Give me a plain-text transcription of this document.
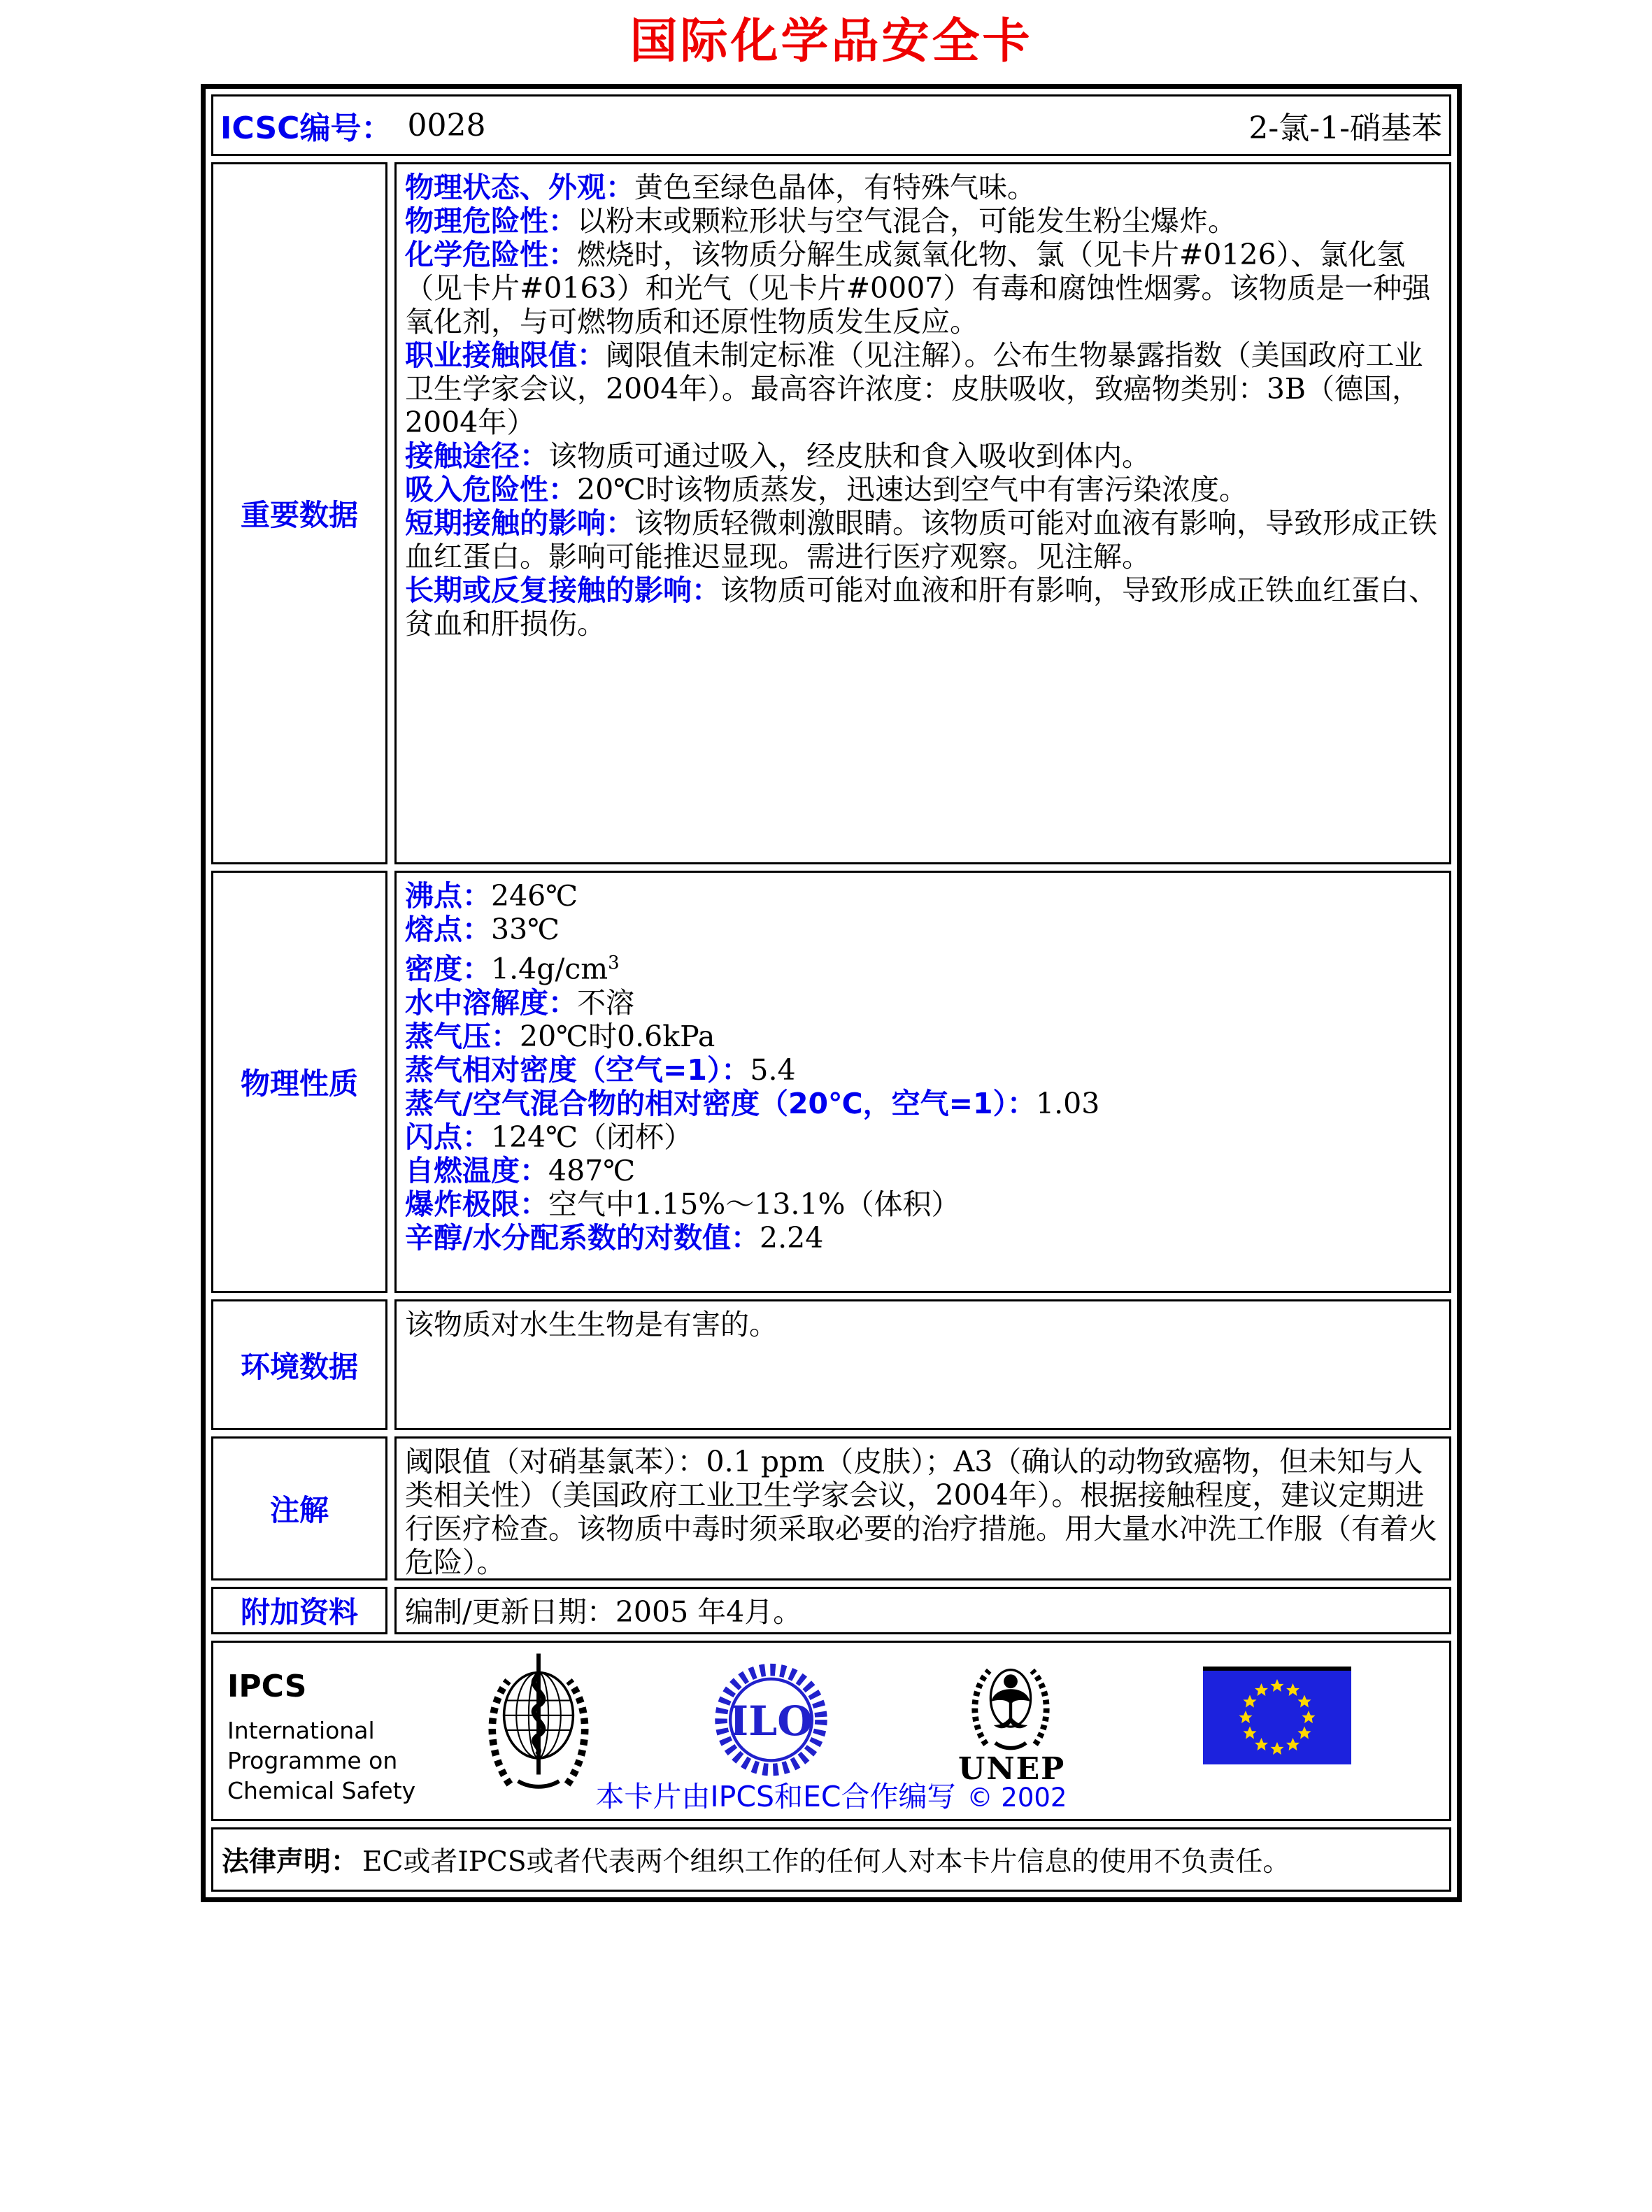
国际化学品安全卡
ICSC编号： 0028	2-氯-1-硝基苯
重要数据

物理状态、外观：黄色至绿色晶体，有特殊气味。

物理危险性：以粉末或颗粒形状与空气混合，可能发生粉尘爆炸。

化学危险性：燃烧时，该物质分解生成氮氧化物、氯（见卡片#0126）、氯化氢（见卡片#0163）和光气（见卡片#0007）有毒和腐蚀性烟雾。该物质是一种强氧化剂，与可燃物质和还原性物质发生反应。

职业接触限值：阈限值未制定标准（见注解）。公布生物暴露指数（美国政府工业卫生学家会议，2004年）。最高容许浓度：皮肤吸收，致癌物类别：3B（德国，2004年）

接触途径：该物质可通过吸入，经皮肤和食入吸收到体内。

吸入危险性：20℃时该物质蒸发，迅速达到空气中有害污染浓度。

短期接触的影响：该物质轻微刺激眼睛。该物质可能对血液有影响，导致形成正铁血红蛋白。影响可能推迟显现。需进行医疗观察。见注解。

长期或反复接触的影响：该物质可能对血液和肝有影响，导致形成正铁血红蛋白、贫血和肝损伤。

物理性质

沸点：246℃

熔点：33℃

密度：$1.4g/cm^3$

水中溶解度：不溶

蒸气压：20℃时0.6kPa

蒸气相对密度（空气=1）：5.4

蒸气/空气混合物的相对密度（20℃，空气=1）：1.03

闪点：124℃（闭杯）

自燃温度：487℃

爆炸极限：空气中1.15%～13.1%（体积）

辛醇/水分配系数的对数值：2.24

环境数据

该物质对水生生物是有害的。

注解

阈限值（对硝基氯苯）：0.1 ppm（皮肤）；A3（确认的动物致癌物，但未知与人类相关性）（美国政府工业卫生学家会议，2004年）。根据接触程度，建议定期进行医疗检查。该物质中毒时须采取必要的治疗措施。用大量水冲洗工作服（有着火危险）。

附加资料	编制/更新日期：2005 年4月。

IPCS
International
Programme on
Chemical Safety
ILO
UNEP
本卡片由IPCS和EC合作编写 © 2002
法律声明： EC或者IPCS或者代表两个组织工作的任何人对本卡片信息的使用不负责任。
